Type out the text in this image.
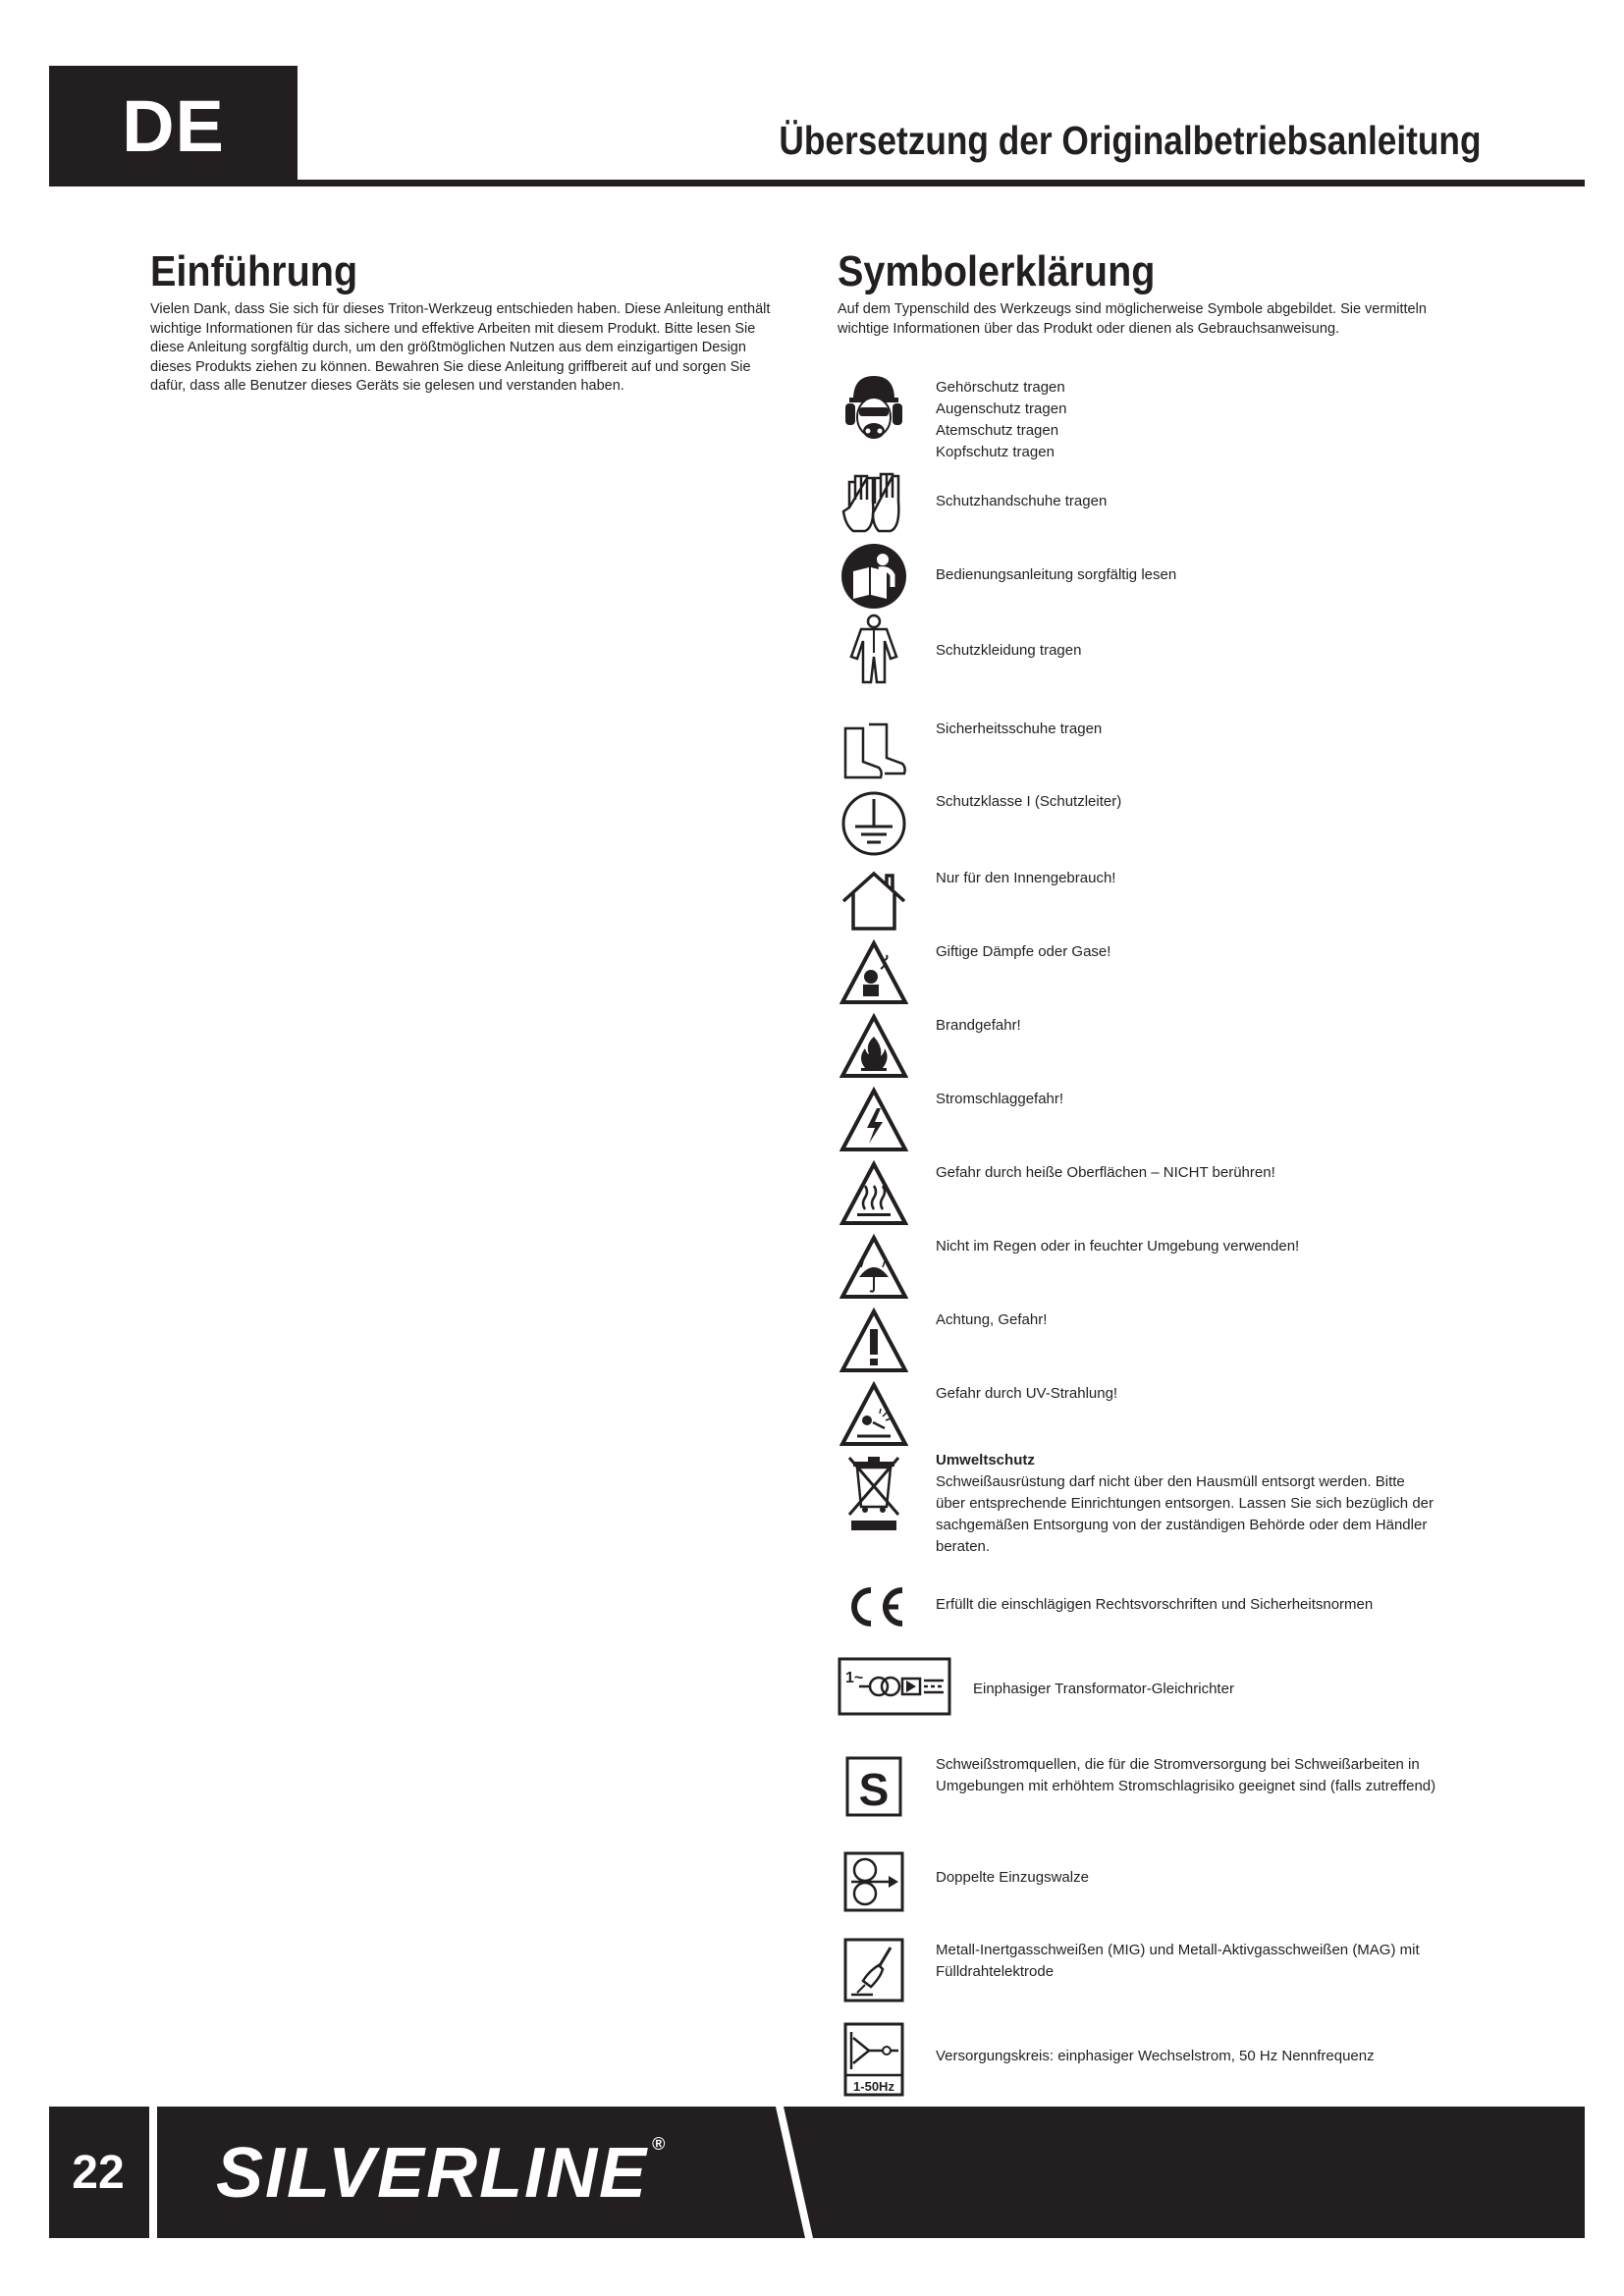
DE	Übersetzung der Originalbetriebsanleitung
Einführung
Vielen Dank, dass Sie sich für dieses Triton-Werkzeug entschieden haben. Diese Anleitung enthält
wichtige Informationen für das sichere und effektive Arbeiten mit diesem Produkt. Bitte lesen Sie
diese Anleitung sorgfältig durch, um den größtmöglichen Nutzen aus dem einzigartigen Design
dieses Produkts ziehen zu können. Bewahren Sie diese Anleitung griffbereit auf und sorgen Sie
dafür, dass alle Benutzer dieses Geräts sie gelesen und verstanden haben.
Symbolerklärung
Auf dem Typenschild des Werkzeugs sind möglicherweise Symbole abgebildet. Sie vermitteln
wichtige Informationen über das Produkt oder dienen als Gebrauchsanweisung.
Gehörschutz tragen
Augenschutz tragen
Atemschutz tragen
Kopfschutz tragen
Schutzhandschuhe tragen
Bedienungsanleitung sorgfältig lesen
Schutzkleidung tragen
Sicherheitsschuhe tragen
Schutzklasse I (Schutzleiter)
Nur für den Innengebrauch!
Giftige Dämpfe oder Gase!
Brandgefahr!
Stromschlaggefahr!
Gefahr durch heiße Oberflächen – NICHT berühren!
Nicht im Regen oder in feuchter Umgebung verwenden!
Achtung, Gefahr!
Gefahr durch UV-Strahlung!
Umweltschutz
Schweißausrüstung darf nicht über den Hausmüll entsorgt werden. Bitte
über entsprechende Einrichtungen entsorgen. Lassen Sie sich bezüglich der
sachgemäßen Entsorgung von der zuständigen Behörde oder dem Händler
beraten.
Erfüllt die einschlägigen Rechtsvorschriften und Sicherheitsnormen
1~
Einphasiger Transformator-Gleichrichter
S	Schweißstromquellen, die für die Stromversorgung bei Schweißarbeiten in
Umgebungen mit erhöhtem Stromschlagrisiko geeignet sind (falls zutreffend)
Doppelte Einzugswalze
Metall-Inertgasschweißen (MIG) und Metall-Aktivgasschweißen (MAG) mit
Fülldrahtelektrode
1-50Hz
Versorgungskreis: einphasiger Wechselstrom, 50 Hz Nennfrequenz
22	SILVERLINE ®
